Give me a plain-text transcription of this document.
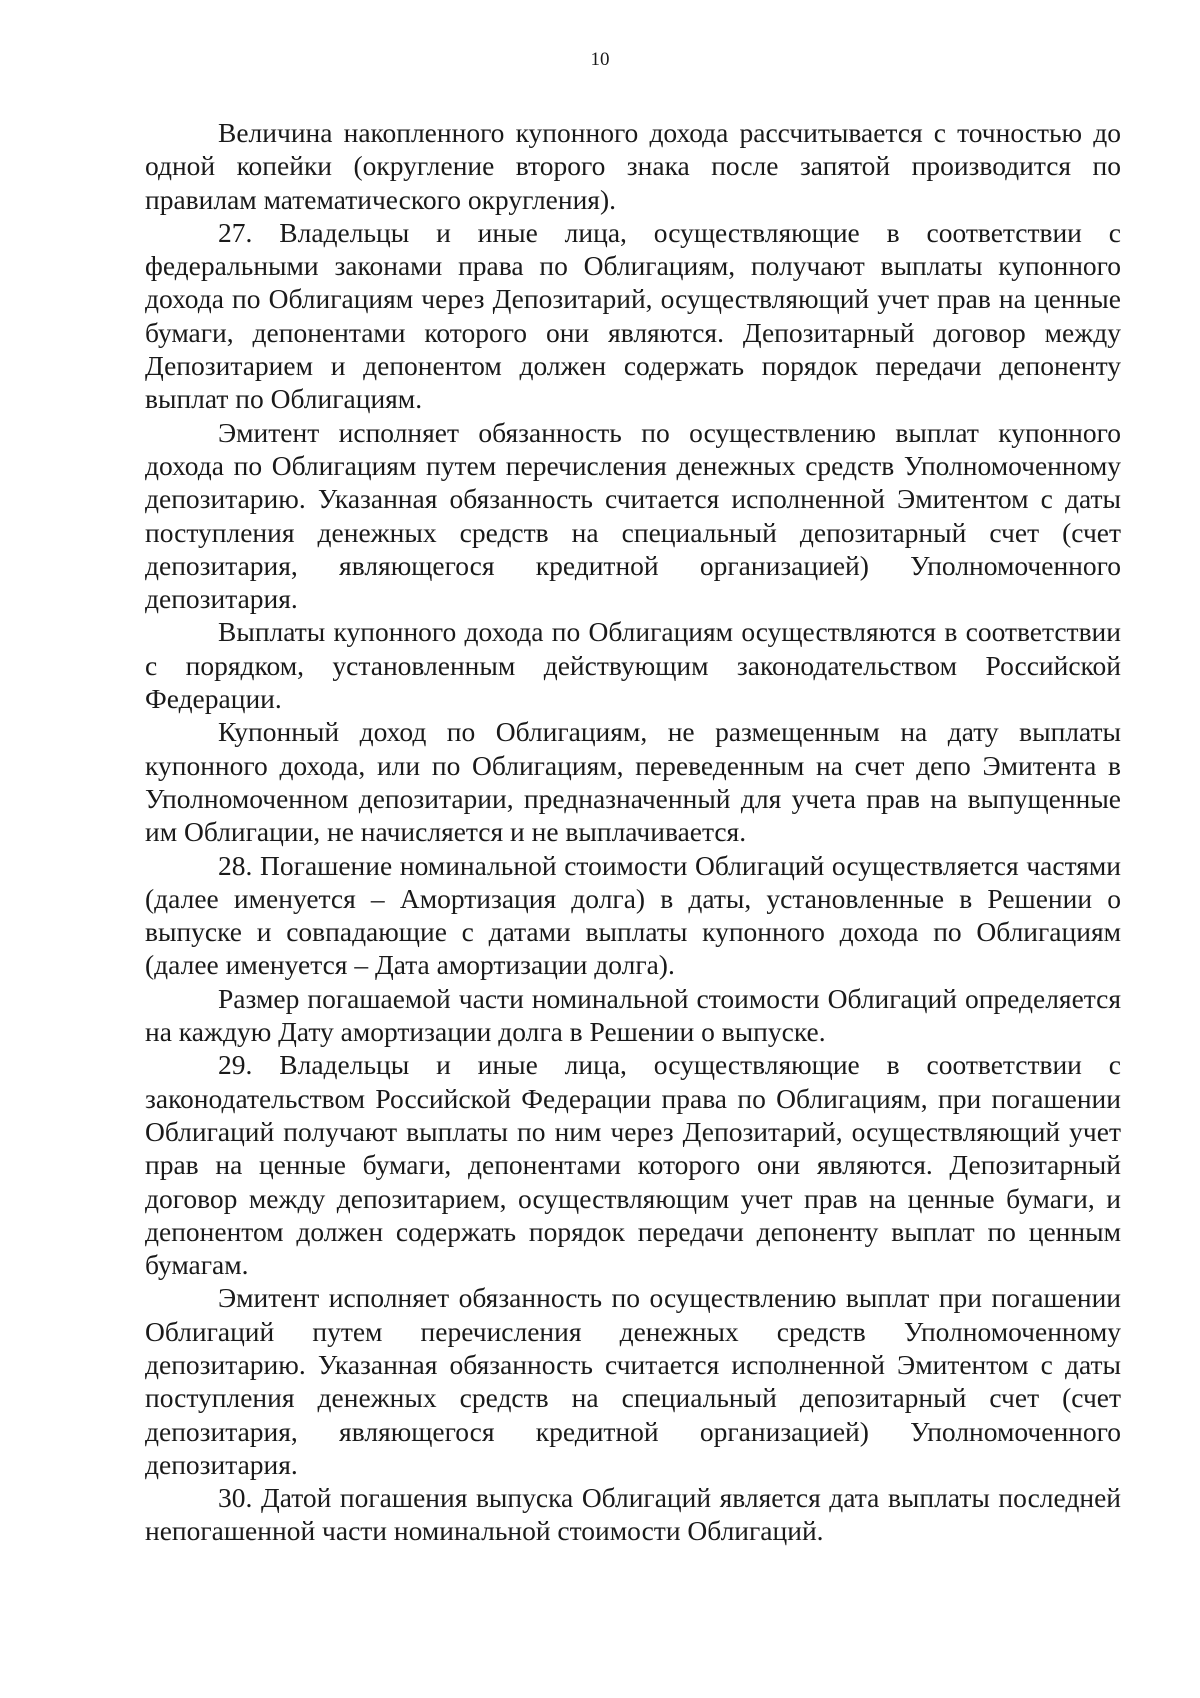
10

Величина накопленного купонного дохода рассчитывается с точностью до одной копейки (округление второго знака после запятой производится по правилам математического округления).

27. Владельцы и иные лица, осуществляющие в соответствии с федеральными законами права по Облигациям, получают выплаты купонного дохода по Облигациям через Депозитарий, осуществляющий учет прав на ценные бумаги, депонентами которого они являются. Депозитарный договор между Депозитарием и депонентом должен содержать порядок передачи депоненту выплат по Облигациям.

Эмитент исполняет обязанность по осуществлению выплат купонного дохода по Облигациям путем перечисления денежных средств Уполномоченному депозитарию. Указанная обязанность считается исполненной Эмитентом с даты поступления денежных средств на специальный депозитарный счет (счет депозитария, являющегося кредитной организацией) Уполномоченного депозитария.

Выплаты купонного дохода по Облигациям осуществляются в соответствии с порядком, установленным действующим законодательством Российской Федерации.

Купонный доход по Облигациям, не размещенным на дату выплаты купонного дохода, или по Облигациям, переведенным на счет депо Эмитента в Уполномоченном депозитарии, предназначенный для учета прав на выпущенные им Облигации, не начисляется и не выплачивается.

28. Погашение номинальной стоимости Облигаций осуществляется частями (далее именуется – Амортизация долга) в даты, установленные в Решении о выпуске и совпадающие с датами выплаты купонного дохода по Облигациям (далее именуется – Дата амортизации долга).

Размер погашаемой части номинальной стоимости Облигаций определяется на каждую Дату амортизации долга в Решении о выпуске.

29. Владельцы и иные лица, осуществляющие в соответствии с законодательством Российской Федерации права по Облигациям, при погашении Облигаций получают выплаты по ним через Депозитарий, осуществляющий учет прав на ценные бумаги, депонентами которого они являются. Депозитарный договор между депозитарием, осуществляющим учет прав на ценные бумаги, и депонентом должен содержать порядок передачи депоненту выплат по ценным бумагам.

Эмитент исполняет обязанность по осуществлению выплат при погашении Облигаций путем перечисления денежных средств Уполномоченному депозитарию. Указанная обязанность считается исполненной Эмитентом с даты поступления денежных средств на специальный депозитарный счет (счет депозитария, являющегося кредитной организацией) Уполномоченного депозитария.

30. Датой погашения выпуска Облигаций является дата выплаты последней непогашенной части номинальной стоимости Облигаций.
